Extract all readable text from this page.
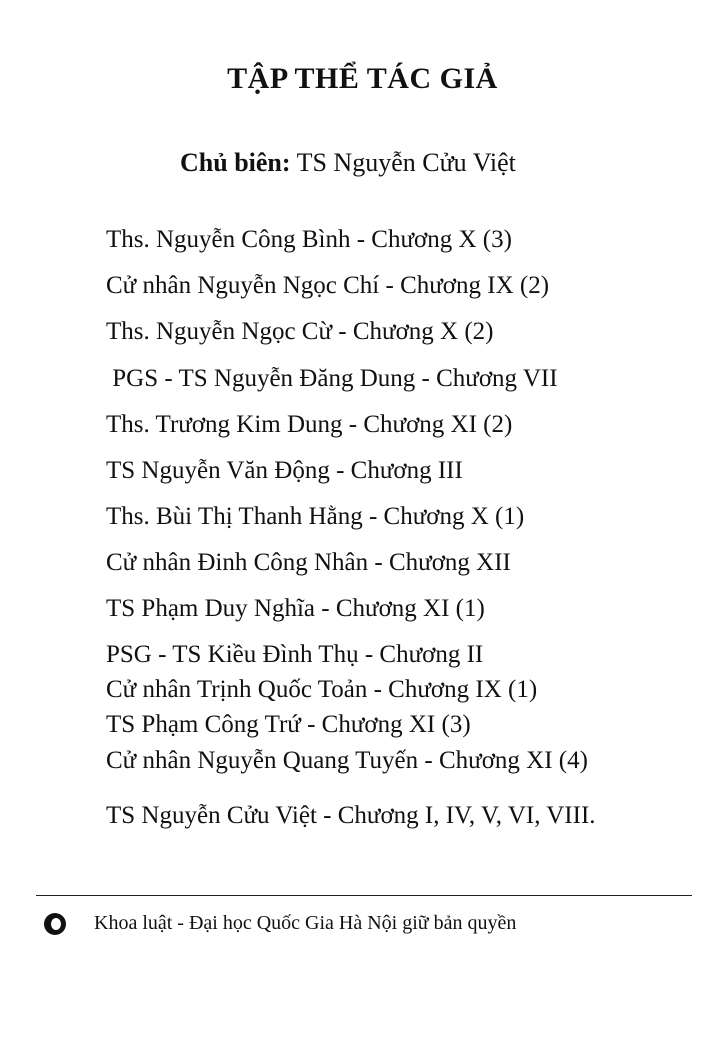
TẬP THỂ TÁC GIẢ
Chủ biên: TS Nguyễn Cửu Việt
Ths. Nguyễn Công Bình - Chương X (3)
Cử nhân Nguyễn Ngọc Chí - Chương IX (2)
Ths. Nguyễn Ngọc Cừ - Chương X (2)
PGS - TS Nguyễn Đăng Dung - Chương VII
Ths. Trương Kim Dung - Chương XI (2)
TS Nguyễn Văn Động - Chương III
Ths. Bùi Thị Thanh Hằng - Chương X (1)
Cử nhân Đinh Công Nhân - Chương XII
TS Phạm Duy Nghĩa - Chương XI (1)
PSG - TS Kiều Đình Thụ - Chương II
Cử nhân Trịnh Quốc Toản - Chương IX (1)
TS Phạm Công Trứ - Chương XI (3)
Cử nhân Nguyễn Quang Tuyến - Chương XI (4)
TS Nguyễn Cửu Việt - Chương I, IV, V, VI, VIII.
Khoa luật - Đại học Quốc Gia Hà Nội giữ bản quyền
